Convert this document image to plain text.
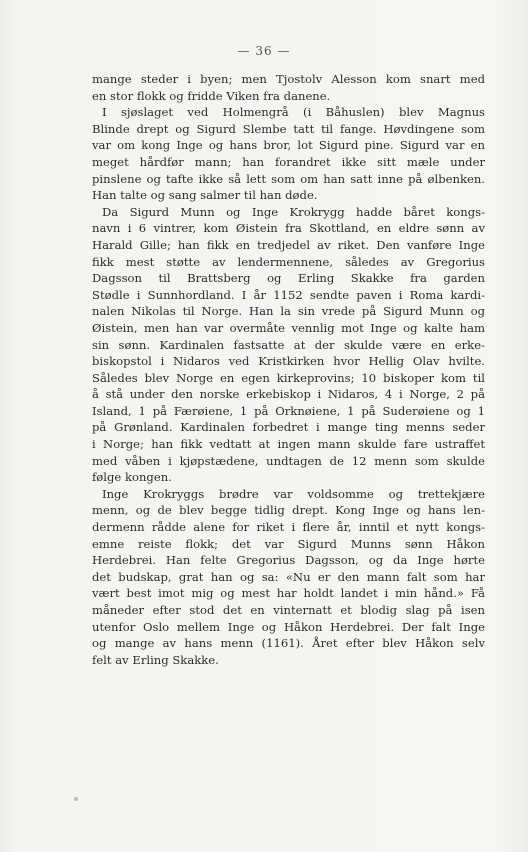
— 36 —
mange steder i byen; men Tjostolv Alesson kom snart med
en stor flokk og fridde Viken fra danene.
I sjøslaget ved Holmengrå (i Båhuslen) blev Magnus
Blinde drept og Sigurd Slembe tatt til fange. Høvdingene som
var om kong Inge og hans bror, lot Sigurd pine. Sigurd var en
meget hårdfør mann; han forandret ikke sitt mæle under
pinslene og tafte ikke så lett som om han satt inne på ølbenken.
Han talte og sang salmer til han døde.
Da Sigurd Munn og Inge Krokrygg hadde båret kongs-
navn i 6 vintrer, kom Øistein fra Skottland, en eldre sønn av
Harald Gille; han fikk en tredjedel av riket. Den vanføre Inge
fikk mest støtte av lendermennene, således av Gregorius
Dagsson til Brattsberg og Erling Skakke fra garden
Stødle i Sunnhordland. I år 1152 sendte paven i Roma kardi-
nalen Nikolas til Norge. Han la sin vrede på Sigurd Munn og
Øistein, men han var overmåte vennlig mot Inge og kalte ham
sin sønn. Kardinalen fastsatte at der skulde være en erke-
biskopstol i Nidaros ved Kristkirken hvor Hellig Olav hvilte.
Således blev Norge en egen kirkeprovins; 10 biskoper kom til
å stå under den norske erkebiskop i Nidaros, 4 i Norge, 2 på
Island, 1 på Færøiene, 1 på Orknøiene, 1 på Suderøiene og 1
på Grønland. Kardinalen forbedret i mange ting menns seder
i Norge; han fikk vedtatt at ingen mann skulde fare ustraffet
med våben i kjøpstædene, undtagen de 12 menn som skulde
følge kongen.
Inge Krokryggs brødre var voldsomme og trettekjære
menn, og de blev begge tidlig drept. Kong Inge og hans len-
dermenn rådde alene for riket i flere år, inntil et nytt kongs-
emne reiste flokk; det var Sigurd Munns sønn Håkon
Herdebrei. Han felte Gregorius Dagsson, og da Inge hørte
det budskap, grat han og sa: «Nu er den mann falt som har
vært best imot mig og mest har holdt landet i min hånd.» Få
måneder efter stod det en vinternatt et blodig slag på isen
utenfor Oslo mellem Inge og Håkon Herdebrei. Der falt Inge
og mange av hans menn (1161). Året efter blev Håkon selv
felt av Erling Skakke.
